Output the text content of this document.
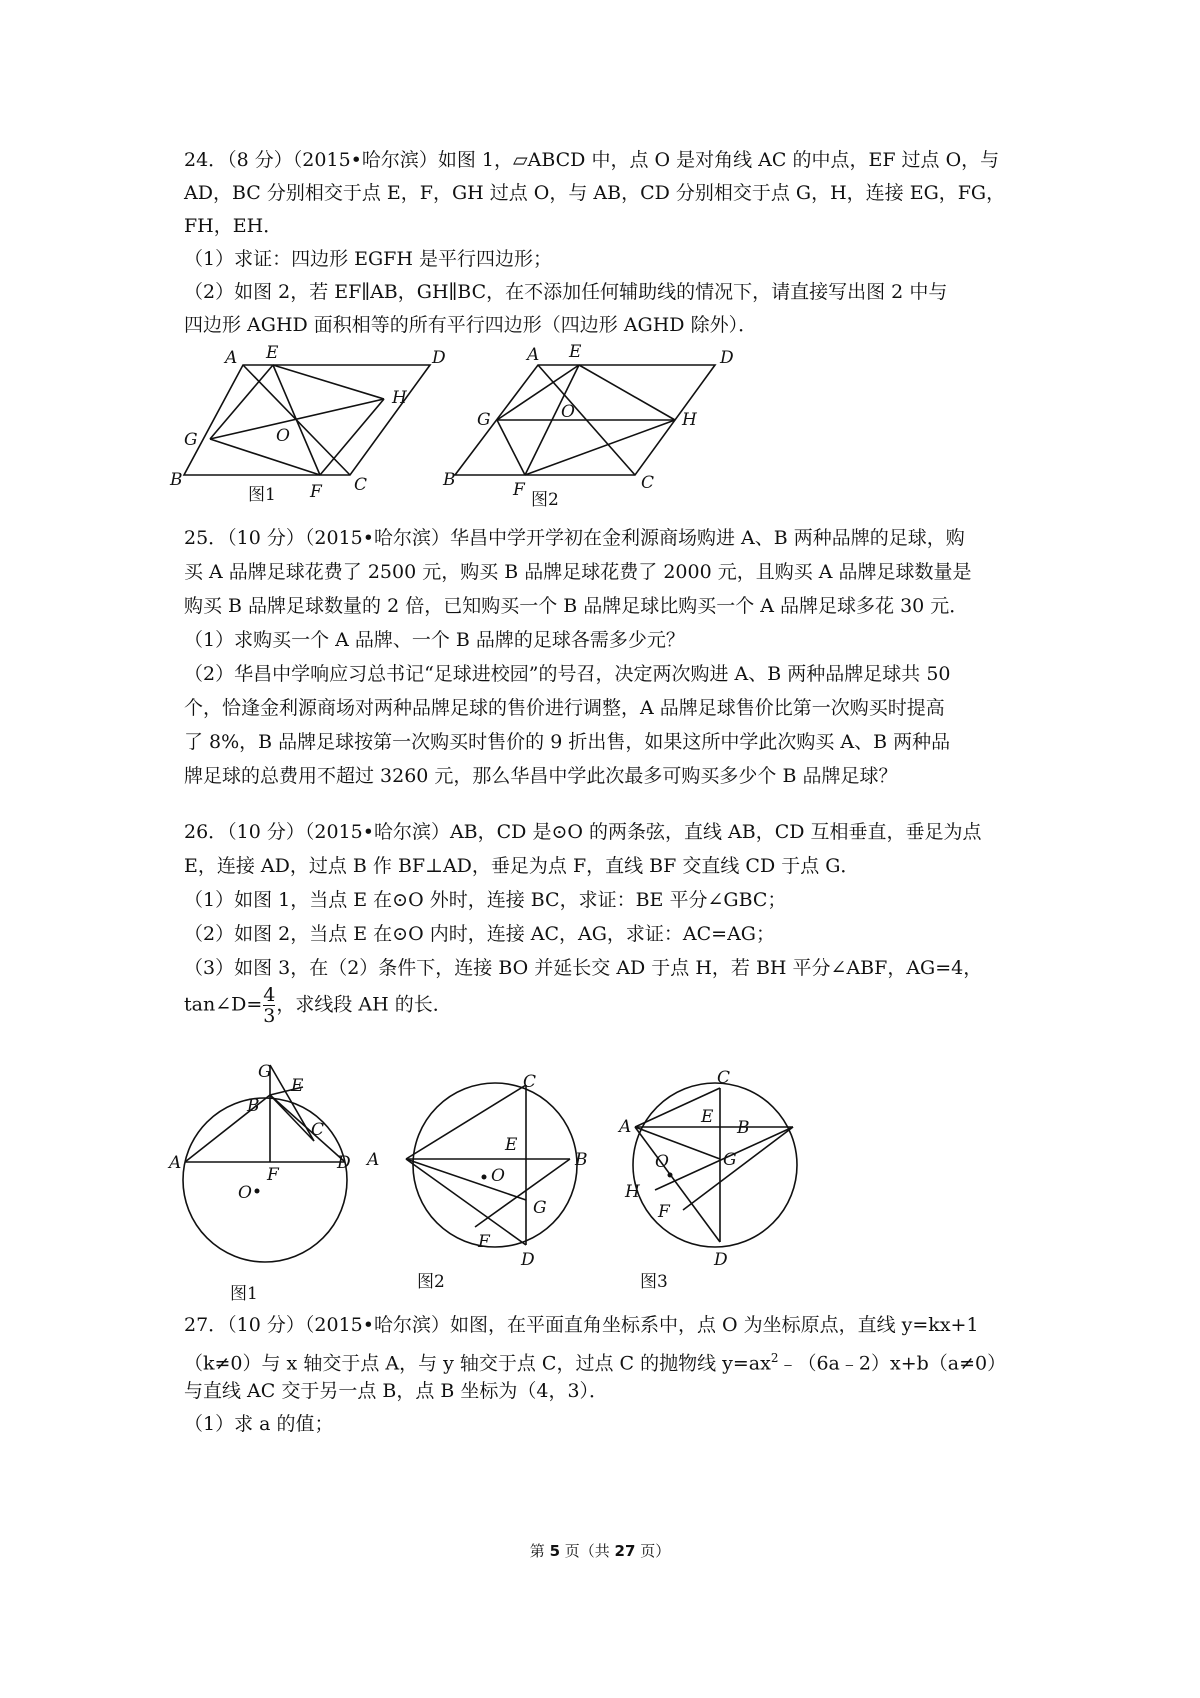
24．（8 分）（2015•哈尔滨）如图 1，▱ABCD 中，点 O 是对角线 AC 的中点，EF 过点 O，与
AD，BC 分别相交于点 E，F，GH 过点 O，与 AB，CD 分别相交于点 G，H，连接 EG，FG，
FH，EH．
（1）求证：四边形 EGFH 是平行四边形；
（2）如图 2，若 EF∥AB，GH∥BC，在不添加任何辅助线的情况下，请直接写出图 2 中与
四边形 AGHD 面积相等的所有平行四边形（四边形 AGHD 除外）．
A E	D
H
G	O
B
F C
图1
A E	D
G	O	H
B	F	C
图2
25．（10 分）（2015•哈尔滨）华昌中学开学初在金利源商场购进 A、B 两种品牌的足球，购
买 A 品牌足球花费了 2500 元，购买 B 品牌足球花费了 2000 元，且购买 A 品牌足球数量是
购买 B 品牌足球数量的 2 倍，已知购买一个 B 品牌足球比购买一个 A 品牌足球多花 30 元．
（1）求购买一个 A 品牌、一个 B 品牌的足球各需多少元？
（2）华昌中学响应习总书记“足球进校园”的号召，决定两次购进 A、B 两种品牌足球共 50
个，恰逢金利源商场对两种品牌足球的售价进行调整，A 品牌足球售价比第一次购买时提高
了 8%，B 品牌足球按第一次购买时售价的 9 折出售，如果这所中学此次购买 A、B 两种品
牌足球的总费用不超过 3260 元，那么华昌中学此次最多可购买多少个 B 品牌足球？
26．（10 分）（2015•哈尔滨）AB，CD 是⊙O 的两条弦，直线 AB，CD 互相垂直，垂足为点
E，连接 AD，过点 B 作 BF⊥AD，垂足为点 F，直线 BF 交直线 CD 于点 G．
（1）如图 1，当点 E 在⊙O 外时，连接 BC，求证：BE 平分∠GBC；
（2）如图 2，当点 E 在⊙O 内时，连接 AC，AG，求证：AC=AG；
（3）如图 3，在（2）条件下，连接 BO 并延长交 AD 于点 H，若 BH 平分∠ABF，AG=4，
tan∠D= $\frac{4}{3}$ ，求线段 AH 的长．
G
B
E
C
A
F
D
O
图1
C
E
A
O
B
G
F
D
图2
C
A	E
B
O	G
H
F
D
图3
27．（10 分）（2015•哈尔滨）如图，在平面直角坐标系中，点 O 为坐标原点，直线 y=kx+1
（k≠0）与 x 轴交于点 A，与 y 轴交于点 C，过点 C 的抛物线 $y=ax^2﹣(6a﹣2)x+b(a\ne 0)$
与直线 AC 交于另一点 B，点 B 坐标为（4，3）．
（1）求 a 的值；
第 5 页（共 27 页）
